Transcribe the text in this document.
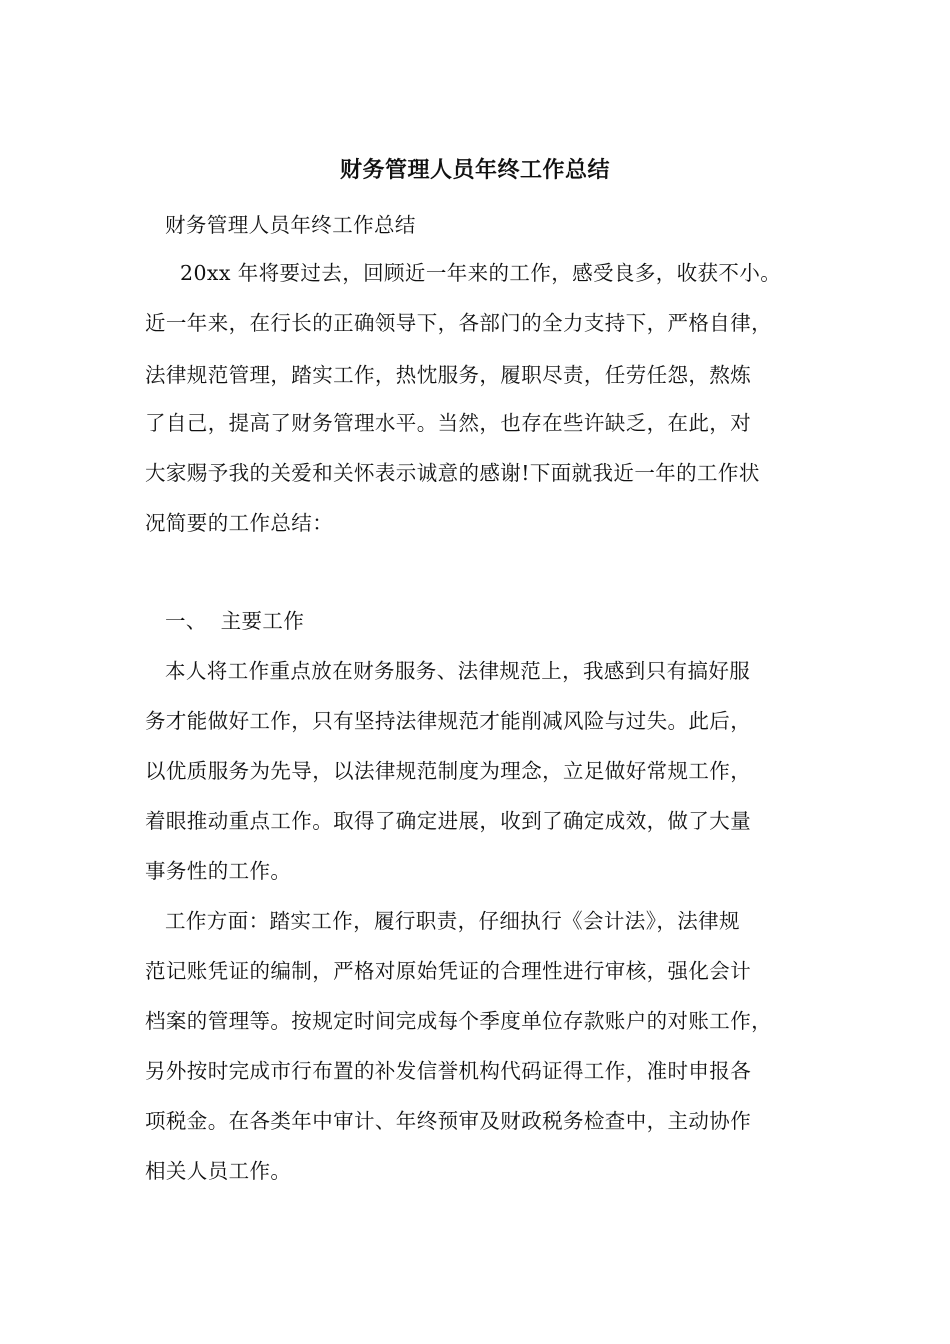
财务管理人员年终工作总结
财务管理人员年终工作总结
20xx 年将要过去，回顾近一年来的工作，感受良多，收获不小。
近一年来，在行长的正确领导下，各部门的全力支持下，严格自律，
法律规范管理，踏实工作，热忱服务，履职尽责，任劳任怨，熬炼
了自己，提高了财务管理水平。当然，也存在些许缺乏，在此，对
大家赐予我的关爱和关怀表示诚意的感谢!下面就我近一年的工作状
况简要的工作总结：
一、  主要工作
本人将工作重点放在财务服务、法律规范上，我感到只有搞好服
务才能做好工作，只有坚持法律规范才能削减风险与过失。此后，
以优质服务为先导，以法律规范制度为理念，立足做好常规工作，
着眼推动重点工作。取得了确定进展，收到了确定成效，做了大量
事务性的工作。
工作方面：踏实工作，履行职责，仔细执行《会计法》，法律规
范记账凭证的编制，严格对原始凭证的合理性进行审核，强化会计
档案的管理等。按规定时间完成每个季度单位存款账户的对账工作，
另外按时完成市行布置的补发信誉机构代码证得工作，准时申报各
项税金。在各类年中审计、年终预审及财政税务检查中，主动协作
相关人员工作。
